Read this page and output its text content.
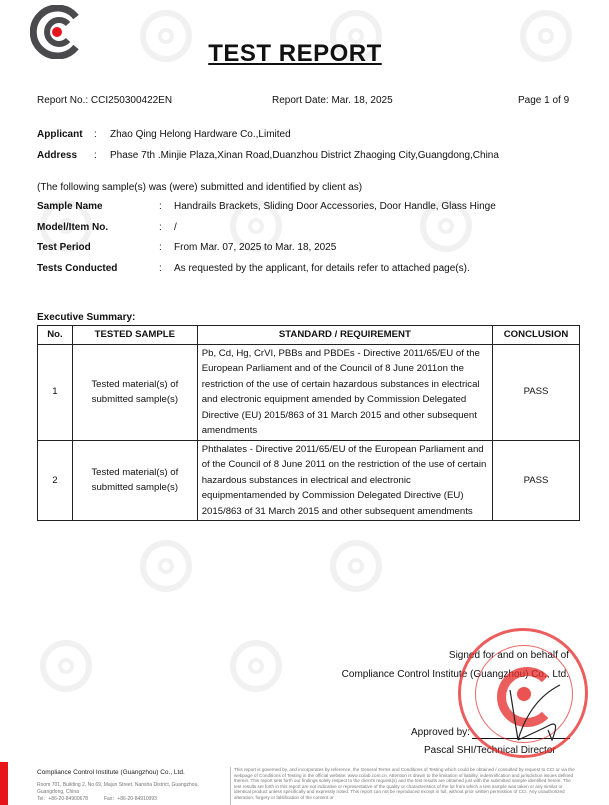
TEST REPORT
Report No.: CCI250300422EN	Report Date: Mar. 18, 2025	Page 1 of 9
Applicant : Zhao Qing Helong Hardware Co.,Limited
Address : Phase 7th .Minjie Plaza,Xinan Road,Duanzhou District Zhaoging City,Guangdong,China
(The following sample(s) was (were) submitted and identified by client as)
Sample Name	: Handrails Brackets, Sliding Door Accessories, Door Handle, Glass Hinge
Model/Item No.	: /
Test Period	: From Mar. 07, 2025 to Mar. 18, 2025
Tests Conducted	: As requested by the applicant, for details refer to attached page(s).
Executive Summary:
No.	TESTED SAMPLE	STANDARD / REQUIREMENT	CONCLUSION
1	Tested material(s) of submitted sample(s)	Pb, Cd, Hg, CrVI, PBBs and PBDEs - Directive 2011/65/EU of the European Parliament and of the Council of 8 June 2011on the restriction of the use of certain hazardous substances in electrical and electronic equipment amended by Commission Delegated Directive (EU) 2015/863 of 31 March 2015 and other subsequent amendments	PASS
2	Tested material(s) of submitted sample(s)	Phthalates - Directive 2011/65/EU of the European Parliament and of the Council of 8 June 2011 on the restriction of the use of certain hazardous substances in electrical and electronic equipmentamended by Commission Delegated Directive (EU) 2015/863 of 31 March 2015 and other subsequent amendments	PASS
Signed for and on behalf of
Compliance Control Institute (Guangzhou) Co., Ltd.
Approved by:
Pascal SHI/Technical Director
Compliance Control Institute (Guangzhou) Co., Ltd.
Room 701, Building 2, No.69, Majun Street, Nansha District, Guangzhou, Guangdong, China
Tel：+86-20-84900678	Fax：+86-20-84910993
This report is governed by, and incorporates by reference, the General Terms and Conditions of Testing which could be obtained / consulted by request to CCI or via the webpage of Conditions of Testing in the official website: www.ccilab.com.cn. Attention is drawn to the limitation of liability, indemnification and jurisdiction issues defined therein. This report sets forth our findings solely respect to the client's request(s) and the test results are obtained just with the submitted sample identified herein. The test results set forth in this report are not indicative or representative of the quality or characteristics of the lot from which a test sample was taken or any similar or identical product unless specifically and expressly noted. This report can not be reproduced except in full, without prior written permission of CCI. Any unauthorized alteration, forgery or falsification of the content or
